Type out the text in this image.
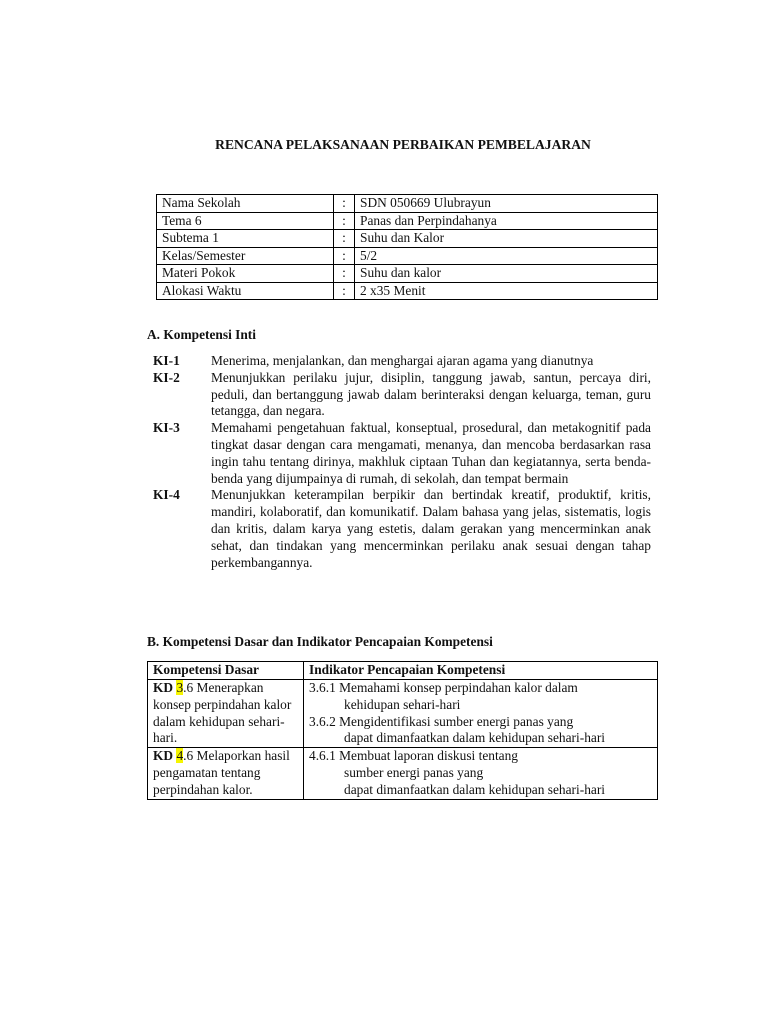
RENCANA PELAKSANAAN PERBAIKAN PEMBELAJARAN
Nama Sekolah	:	SDN 050669 Ulubrayun
Tema 6	:	Panas dan Perpindahanya
Subtema 1	:	Suhu dan Kalor
Kelas/Semester	:	5/2
Materi Pokok	:	Suhu dan kalor
Alokasi Waktu	:	2 x35 Menit
A. Kompetensi Inti
KI-1	Menerima, menjalankan, dan menghargai ajaran agama yang dianutnya
KI-2	Menunjukkan perilaku jujur, disiplin, tanggung jawab, santun, percaya diri, peduli, dan bertanggung jawab dalam berinteraksi dengan keluarga, teman, guru tetangga, dan negara.
KI-3	Memahami pengetahuan faktual, konseptual, prosedural, dan metakognitif pada tingkat dasar dengan cara mengamati, menanya, dan mencoba berdasarkan rasa ingin tahu tentang dirinya, makhluk ciptaan Tuhan dan kegiatannya, serta benda-benda yang dijumpainya di rumah, di sekolah, dan tempat bermain
KI-4	Menunjukkan keterampilan berpikir dan bertindak kreatif, produktif, kritis, mandiri, kolaboratif, dan komunikatif. Dalam bahasa yang jelas, sistematis, logis dan kritis, dalam karya yang estetis, dalam gerakan yang mencerminkan anak sehat, dan tindakan yang mencerminkan perilaku anak sesuai dengan tahap perkembangannya.
B. Kompetensi Dasar dan Indikator Pencapaian Kompetensi
Kompetensi Dasar	Indikator Pencapaian Kompetensi
KD 3.6 Menerapkan konsep perpindahan kalor dalam kehidupan sehari-hari.	3.6.1 Memahami konsep perpindahan kalor dalam
kehidupan sehari-hari
3.6.2 Mengidentifikasi sumber energi panas yang
dapat dimanfaatkan dalam kehidupan sehari-hari

KD 4.6 Melaporkan hasil pengamatan tentang perpindahan kalor.	4.6.1 Membuat laporan diskusi tentang
sumber energi panas yang
dapat dimanfaatkan dalam kehidupan sehari-hari
